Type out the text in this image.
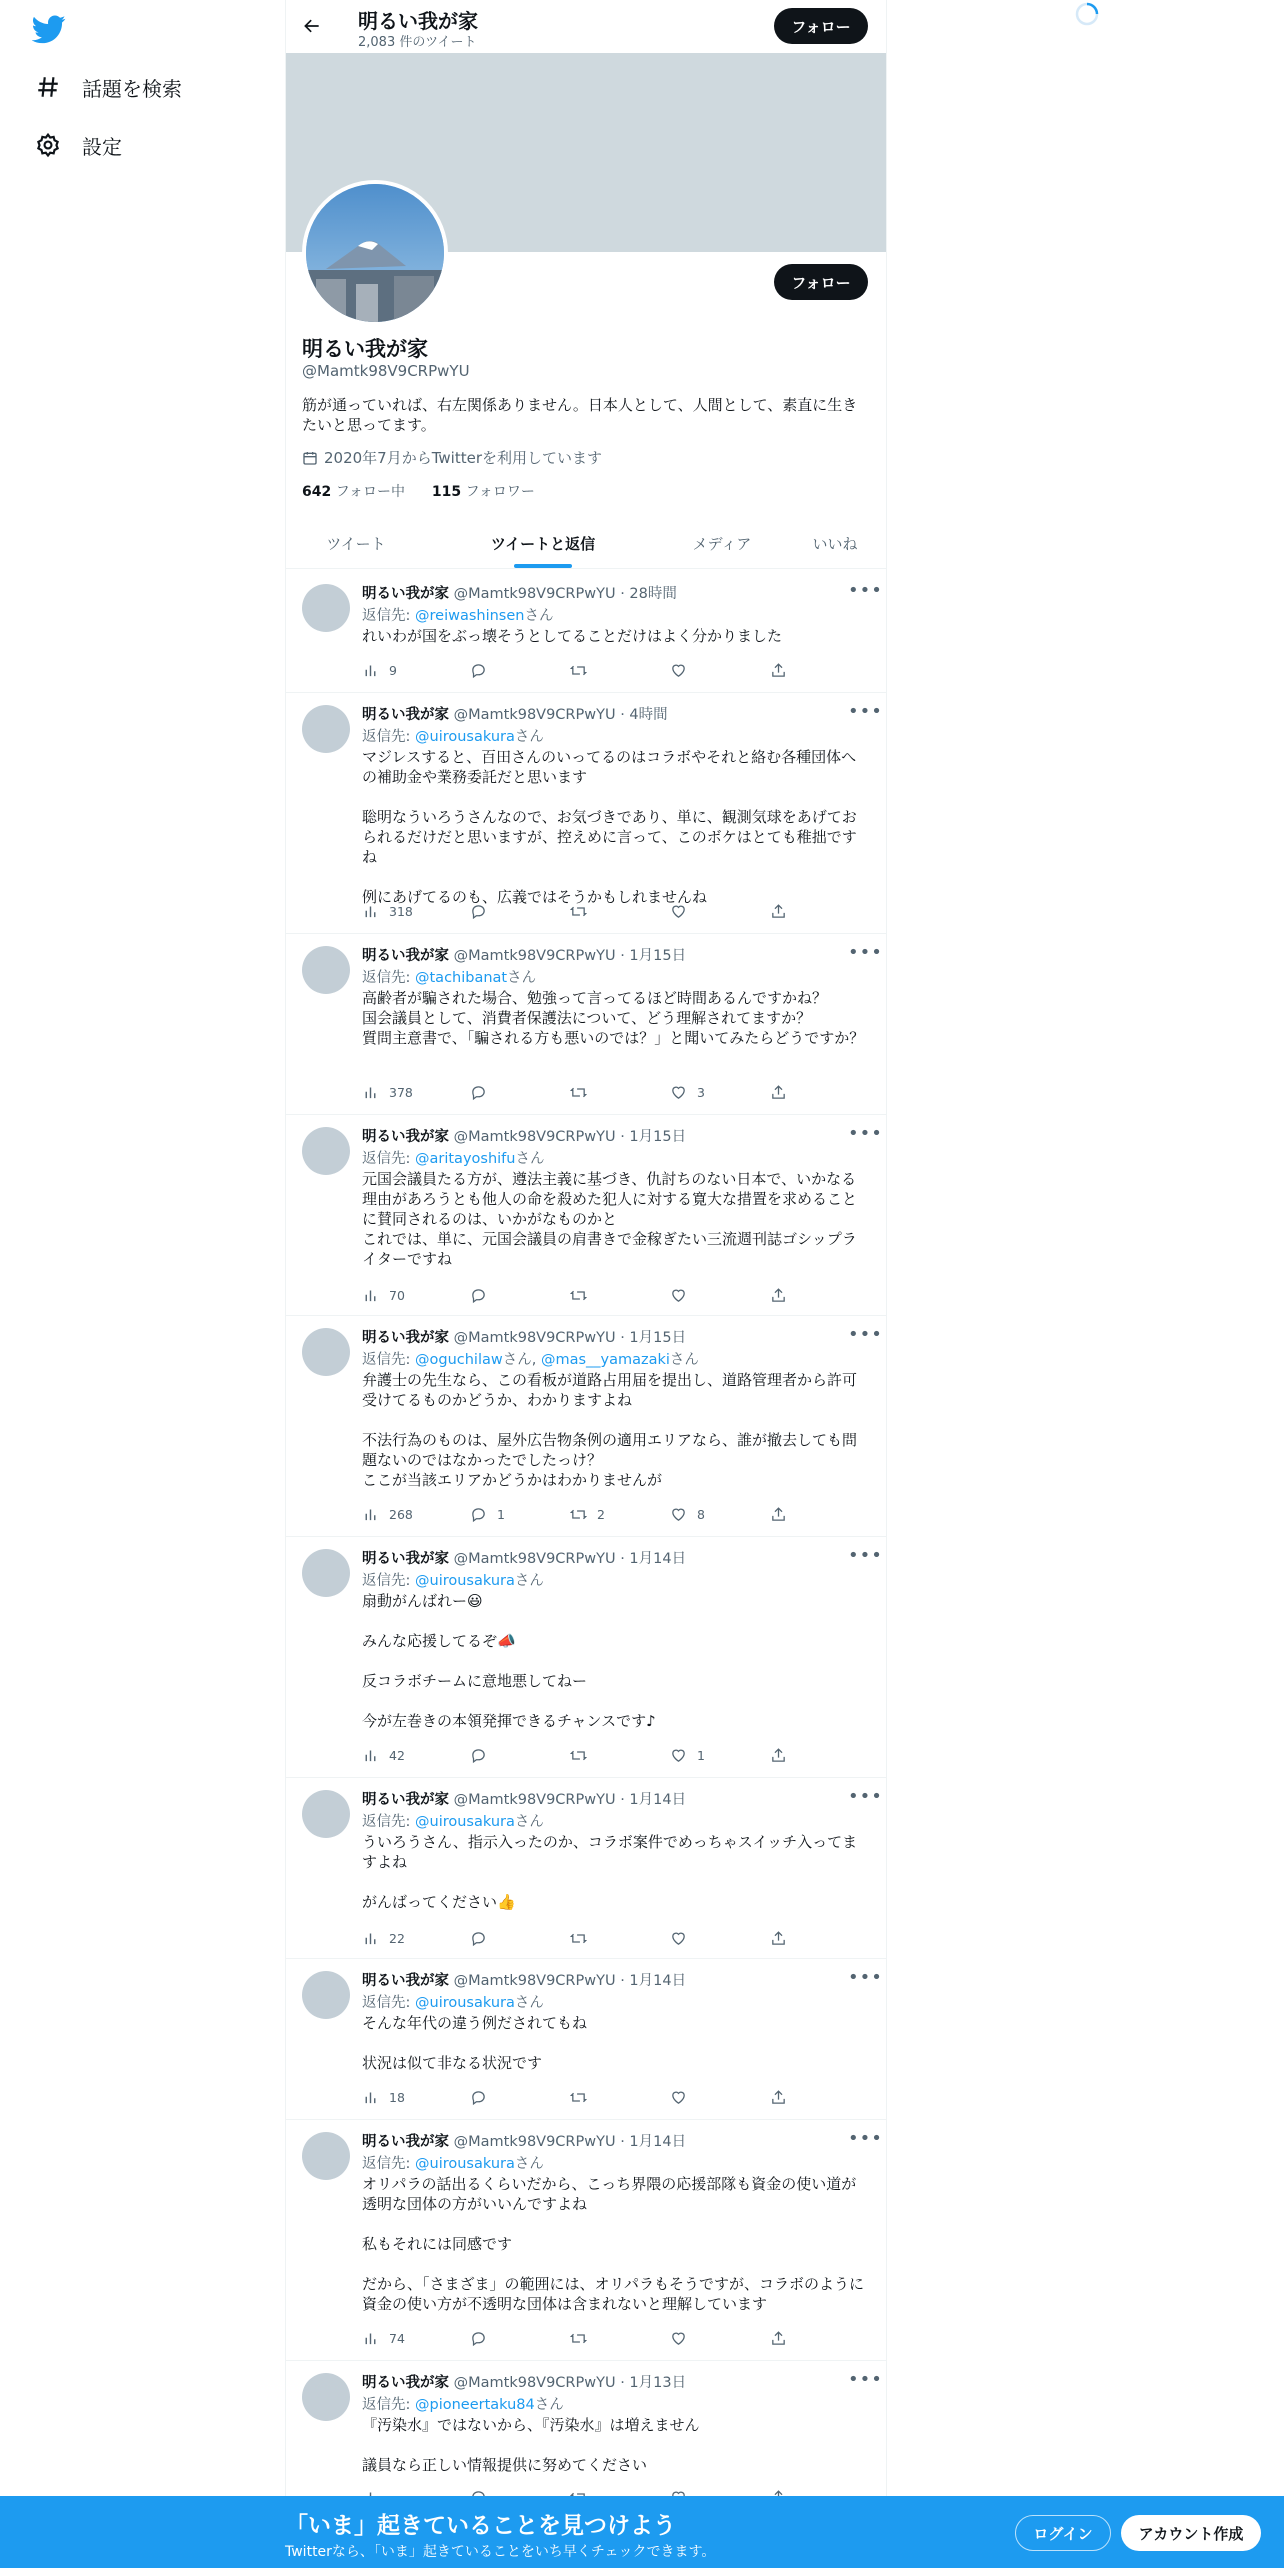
話題を検索
設定
明るい我が家
2,083 件のツイート
フォロー
フォロー
明るい我が家
@Mamtk98V9CRPwYU
筋が通っていれば、右左関係ありません。日本人として、人間として、素直に生きたいと思ってます。
2020年7月からTwitterを利用しています
642 フォロー中 115 フォロワー
ツイート	ツイートと返信	メディア	いいね
明るい我が家 @Mamtk98V9CRPwYU · 28時間	•••
返信先: @reiwashinsenさん
れいわが国をぶっ壊そうとしてることだけはよく分かりました
9
明るい我が家 @Mamtk98V9CRPwYU · 4時間	•••
返信先: @uirousakuraさん
マジレスすると、百田さんのいってるのはコラボやそれと絡む各種団体への補助金や業務委託だと思います

聡明なういろうさんなので、お気づきであり、単に、観測気球をあげておられるだけだと思いますが、控えめに言って、このボケはとても稚拙ですね

例にあげてるのも、広義ではそうかもしれませんね
318
明るい我が家 @Mamtk98V9CRPwYU · 1月15日	•••
返信先: @tachibanatさん
高齢者が騙された場合、勉強って言ってるほど時間あるんですかね？
国会議員として、消費者保護法について、どう理解されてますか？
質問主意書で、「騙される方も悪いのでは？」と聞いてみたらどうですか？
378	3
明るい我が家 @Mamtk98V9CRPwYU · 1月15日	•••
返信先: @aritayoshifuさん
元国会議員たる方が、遵法主義に基づき、仇討ちのない日本で、いかなる理由があろうとも他人の命を殺めた犯人に対する寛大な措置を求めることに賛同されるのは、いかがなものかと
これでは、単に、元国会議員の肩書きで金稼ぎたい三流週刊誌ゴシップライターですね
70
明るい我が家 @Mamtk98V9CRPwYU · 1月15日	•••
返信先: @oguchilawさん, @mas__yamazakiさん
弁護士の先生なら、この看板が道路占用届を提出し、道路管理者から許可受けてるものかどうか、わかりますよね

不法行為のものは、屋外広告物条例の適用エリアなら、誰が撤去しても問題ないのではなかったでしたっけ？
ここが当該エリアかどうかはわかりませんが
268	1	2	8
明るい我が家 @Mamtk98V9CRPwYU · 1月14日	•••
返信先: @uirousakuraさん
扇動がんばれー😃

みんな応援してるぞ📣

反コラボチームに意地悪してねー

今が左巻きの本領発揮できるチャンスです♪
42	1
明るい我が家 @Mamtk98V9CRPwYU · 1月14日	•••
返信先: @uirousakuraさん
ういろうさん、指示入ったのか、コラボ案件でめっちゃスイッチ入ってますよね

がんばってください👍
22
明るい我が家 @Mamtk98V9CRPwYU · 1月14日	•••
返信先: @uirousakuraさん
そんな年代の違う例だされてもね

状況は似て非なる状況です
18
明るい我が家 @Mamtk98V9CRPwYU · 1月14日	•••
返信先: @uirousakuraさん
オリパラの話出るくらいだから、こっち界隈の応援部隊も資金の使い道が透明な団体の方がいいんですよね

私もそれには同感です

だから、「さまざま」の範囲には、オリパラもそうですが、コラボのように資金の使い方が不透明な団体は含まれないと理解しています
74
明るい我が家 @Mamtk98V9CRPwYU · 1月13日	•••
返信先: @pioneertaku84さん
『汚染水』ではないから、『汚染水』は増えません

議員なら正しい情報提供に努めてください
「いま」起きていることを見つけよう
Twitterなら、「いま」起きていることをいち早くチェックできます。
ログイン	アカウント作成
